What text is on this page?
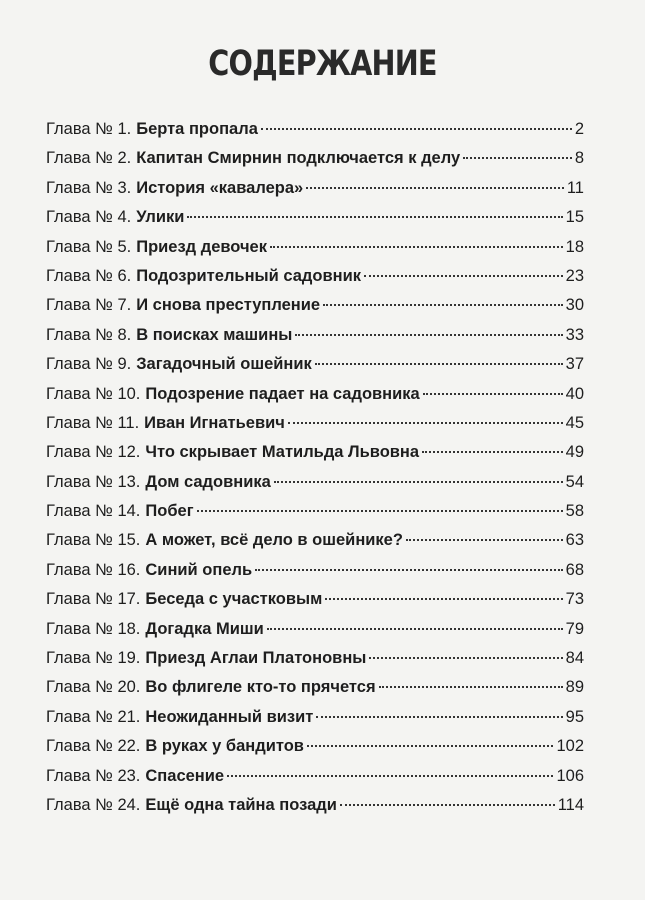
СОДЕРЖАНИЕ
Глава № 1. Берта пропала	2
Глава № 2. Капитан Смирнин подключается к делу	8
Глава № 3. История «кавалера»	11
Глава № 4. Улики	15
Глава № 5. Приезд девочек	18
Глава № 6. Подозрительный садовник	23
Глава № 7. И снова преступление	30
Глава № 8. В поисках машины	33
Глава № 9. Загадочный ошейник	37
Глава № 10. Подозрение падает на садовника	40
Глава № 11. Иван Игнатьевич	45
Глава № 12. Что скрывает Матильда Львовна	49
Глава № 13. Дом садовника	54
Глава № 14. Побег	58
Глава № 15. А может, всё дело в ошейнике?	63
Глава № 16. Синий опель	68
Глава № 17. Беседа с участковым	73
Глава № 18. Догадка Миши	79
Глава № 19. Приезд Аглаи Платоновны	84
Глава № 20. Во флигеле кто-то прячется	89
Глава № 21. Неожиданный визит	95
Глава № 22. В руках у бандитов	102
Глава № 23. Спасение	106
Глава № 24. Ещё одна тайна позади	114
